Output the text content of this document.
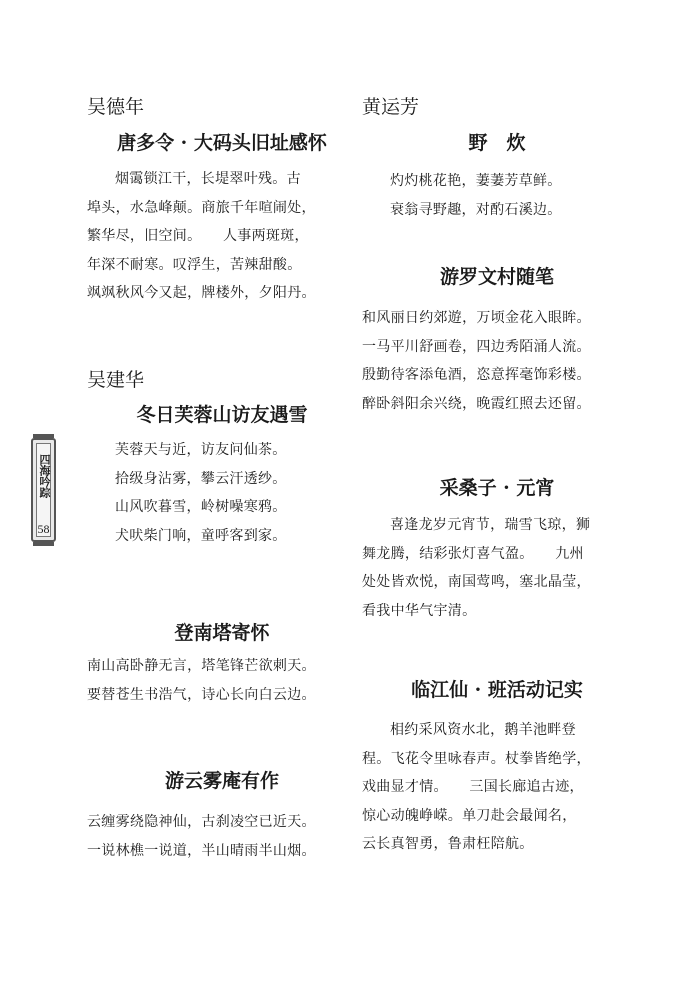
四海吟踪
58
吴德年
唐多令 · 大码头旧址感怀
烟霭锁江干，长堤翠叶残。古
埠头，水急峰颠。商旅千年喧闹处，
繁华尽，旧空间。　　人事两斑斑，
年深不耐寒。叹浮生，苦辣甜酸。
飒飒秋风今又起，牌楼外，夕阳丹。
吴建华
冬日芙蓉山访友遇雪
芙蓉天与近，访友问仙茶。
拾级身沾雾，攀云汗透纱。
山风吹暮雪，岭树噪寒鸦。
犬吠柴门响，童呼客到家。
登南塔寄怀
南山高卧静无言，塔笔锋芒欲刺天。
要替苍生书浩气，诗心长向白云边。
游云雾庵有作
云缠雾绕隐神仙，古刹凌空已近天。
一说林樵一说道，半山晴雨半山烟。
黄运芳
野　炊
灼灼桃花艳，萋萋芳草鲜。
衰翁寻野趣，对酌石溪边。
游罗文村随笔
和风丽日约郊遊，万顷金花入眼眸。
一马平川舒画卷，四边秀陌涌人流。
殷勤待客添龟酒，恣意挥毫饰彩楼。
醉卧斜阳余兴绕，晚霞红照去还留。
采桑子 · 元宵
喜逢龙岁元宵节，瑞雪飞琼，狮
舞龙腾，结彩张灯喜气盈。　　九州
处处皆欢悦，南国莺鸣，塞北晶莹，
看我中华气宇清。
临江仙 · 班活动记实
相约采风资水北，鹅羊池畔登
程。飞花令里咏春声。杖拳皆绝学，
戏曲显才情。　　三国长廊追古迹，
惊心动魄峥嵘。单刀赴会最闻名，
云长真智勇，鲁肃枉陪航。
